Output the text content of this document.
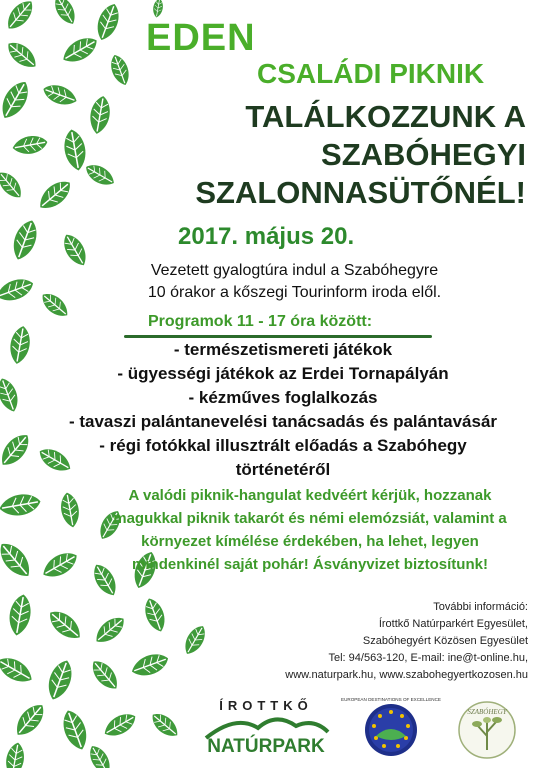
EDEN
CSALÁDI PIKNIK
TALÁLKOZZUNK A
SZABÓHEGYI
SZALONNASÜTŐNÉL!
2017. május 20.
Vezetett gyalogtúra indul a Szabóhegyre
10 órakor a kőszegi Tourinform iroda elől.
Programok 11 - 17 óra között:
- természetismereti játékok
- ügyességi játékok az Erdei Tornapályán
- kézműves foglalkozás
- tavaszi palántanevelési tanácsadás és palántavásár
- régi fotókkal illusztrált előadás a Szabóhegy
történetéről
A valódi piknik-hangulat kedvéért kérjük, hozzanak
magukkal piknik takarót és némi elemózsiát, valamint a
környezet kímélése érdekében, ha lehet, legyen
mindenkinél saját pohár! Ásványvizet biztosítunk!
További információ:
Írottkő Natúrparkért Egyesület,
Szabóhegyért Közösen Egyesület
Tel: 94/563-120, E-mail: ine@t-online.hu,
www.naturpark.hu, www.szabohegyertkozosen.hu
ÍROTTKŐ
NATÚRPARK
EUROPEAN DESTINATIONS OF EXCELLENCE
SZABÓHEGY
